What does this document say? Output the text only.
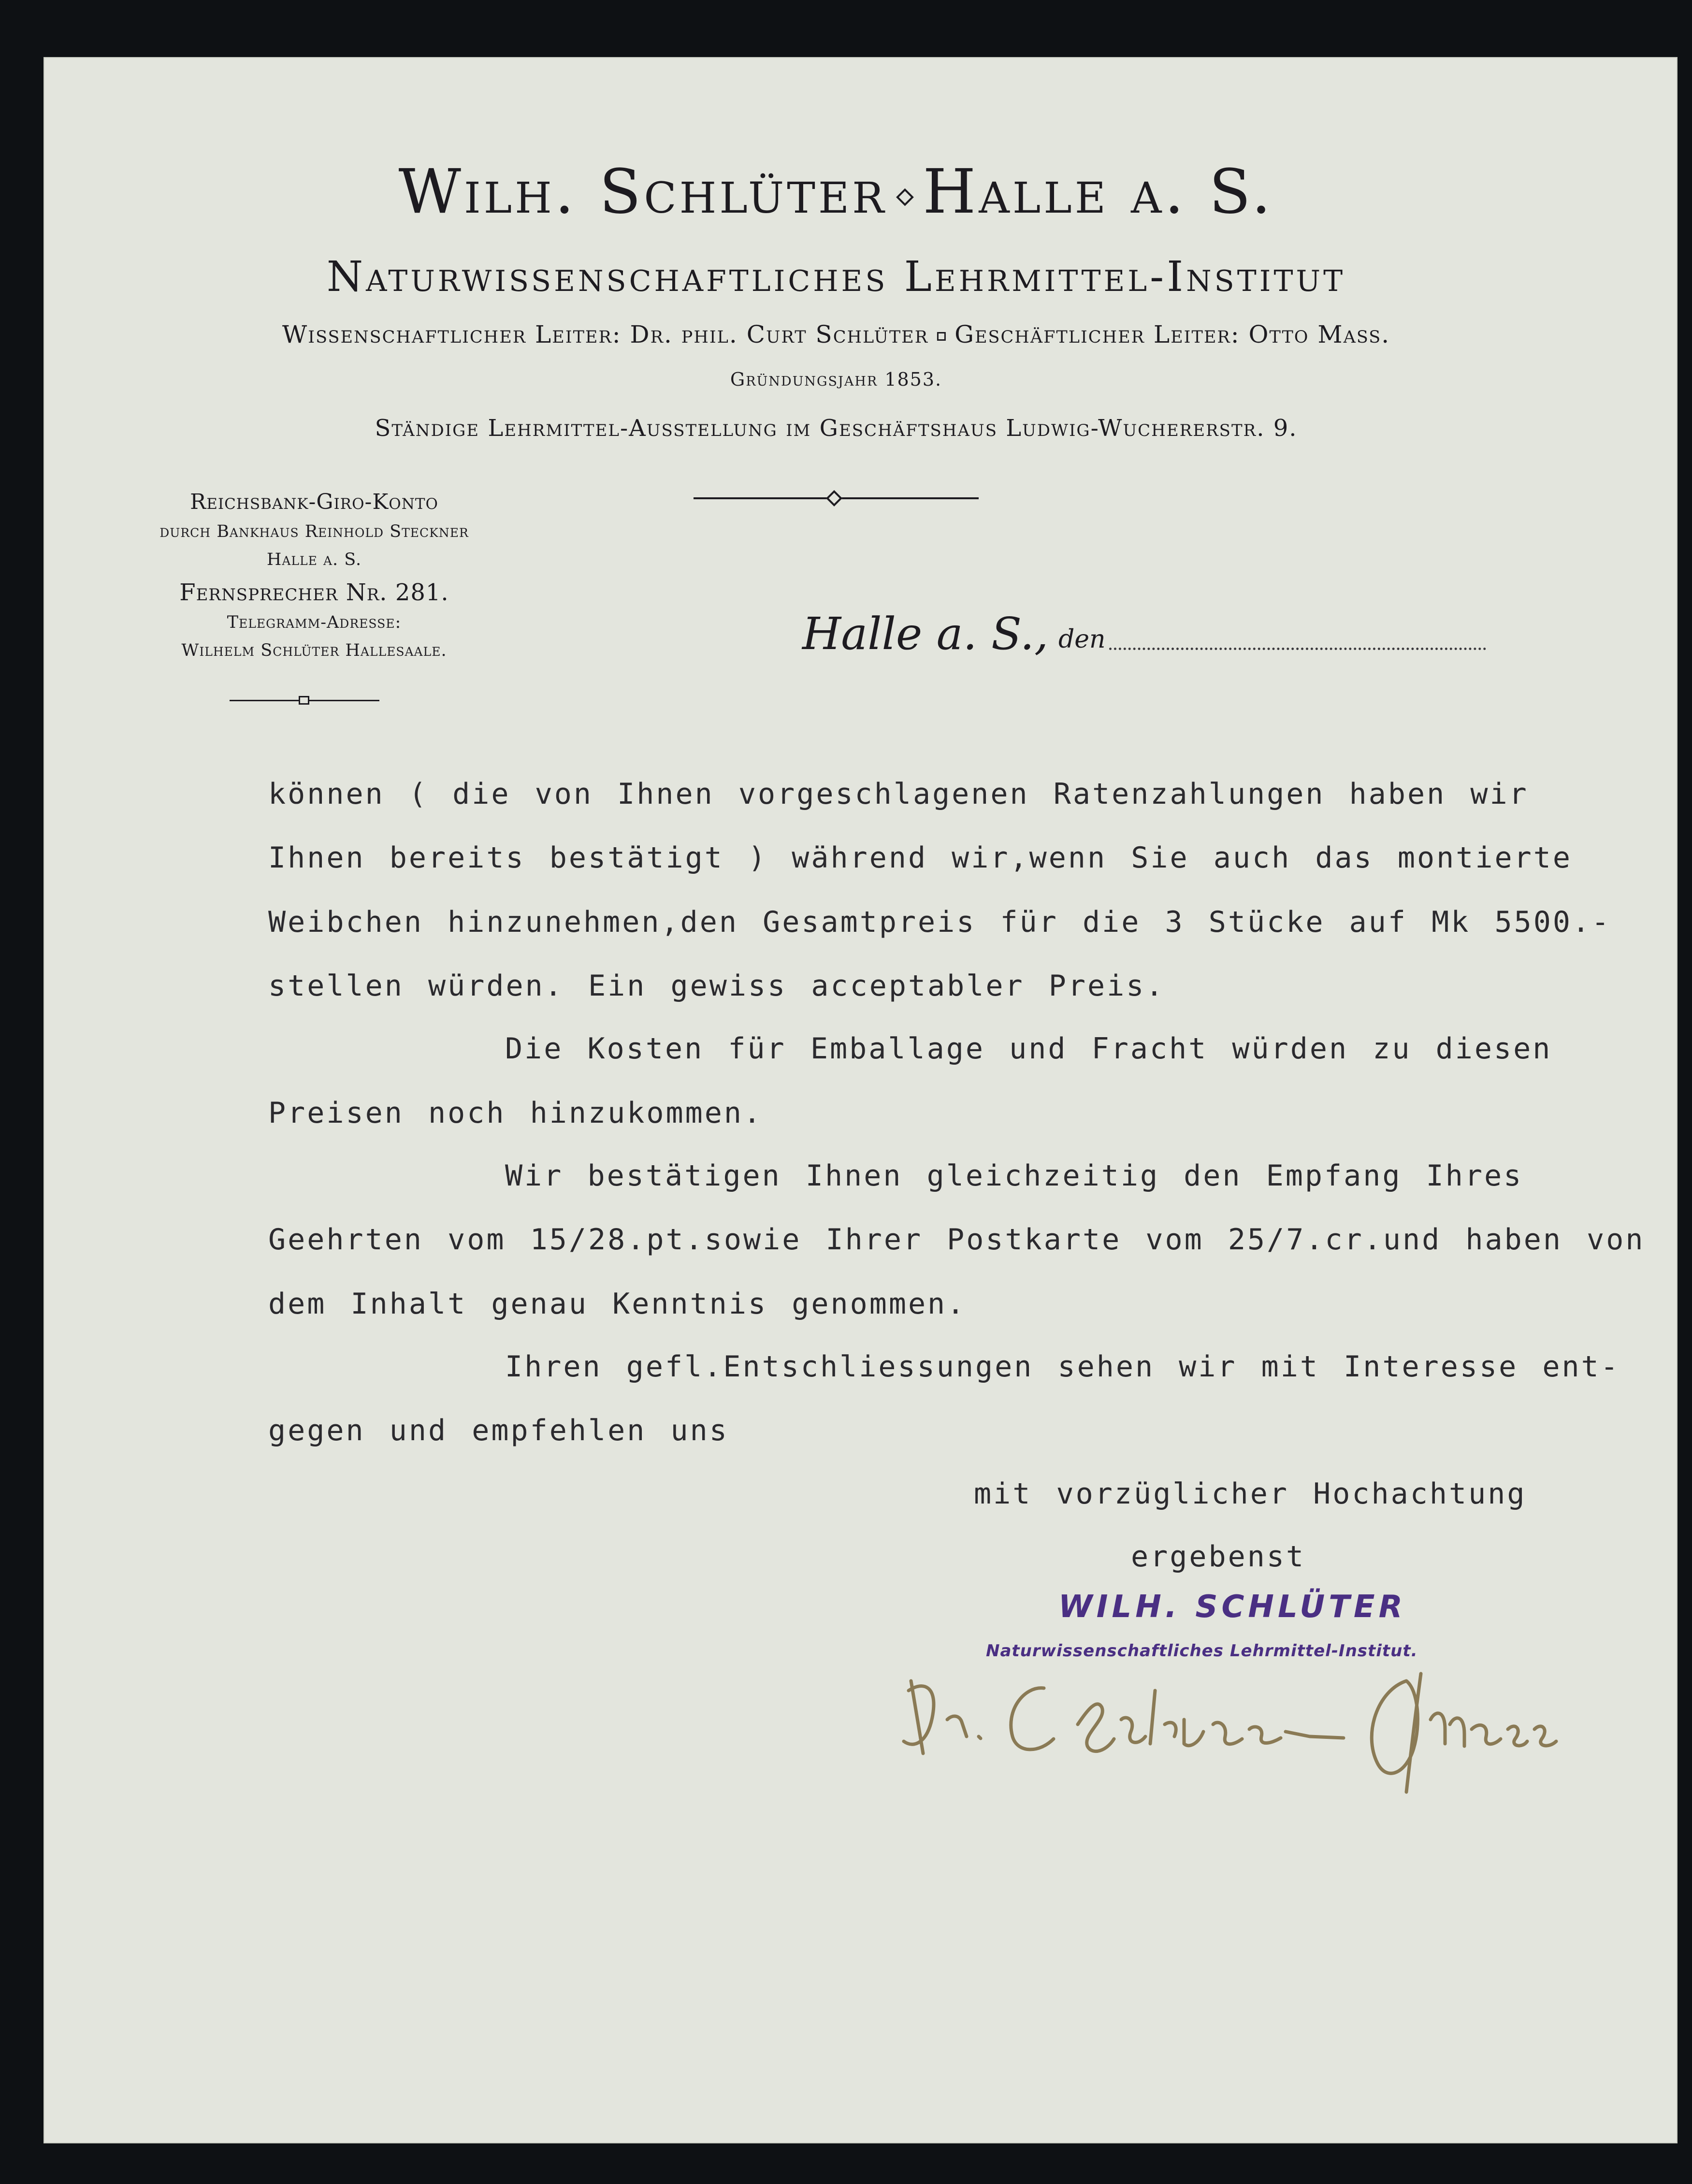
Wilh. Schlüter Halle a. S.
Naturwissenschaftliches Lehrmittel-Institut
Wissenschaftlicher Leiter: Dr. phil. Curt Schlüter Geschäftlicher Leiter: Otto Mass.
Gründungsjahr 1853.
Ständige Lehrmittel-Ausstellung im Geschäftshaus Ludwig-Wuchererstr. 9.
Reichsbank-Giro-Konto
durch Bankhaus Reinhold Steckner
Halle a. S.
Fernsprecher Nr. 281.
Telegramm-Adresse:
Wilhelm Schlüter Hallesaale.	Halle a. S., den
können ( die von Ihnen vorgeschlagenen Ratenzahlungen haben wir
Ihnen bereits bestätigt ) während wir,wenn Sie auch das montierte
Weibchen hinzunehmen,den Gesamtpreis für die 3 Stücke auf Mk 5500.-
stellen würden. Ein gewiss acceptabler Preis.
Die Kosten für Emballage und Fracht würden zu diesen
Preisen noch hinzukommen.
Wir bestätigen Ihnen gleichzeitig den Empfang Ihres
Geehrten vom 15/28.pt.sowie Ihrer Postkarte vom 25/7.cr.und haben von
dem Inhalt genau Kenntnis genommen.
Ihren gefl.Entschliessungen sehen wir mit Interesse ent-
gegen und empfehlen uns
mit vorzüglicher Hochachtung
ergebenst
WILH. SCHLÜTER
Naturwissenschaftliches Lehrmittel-Institut.
